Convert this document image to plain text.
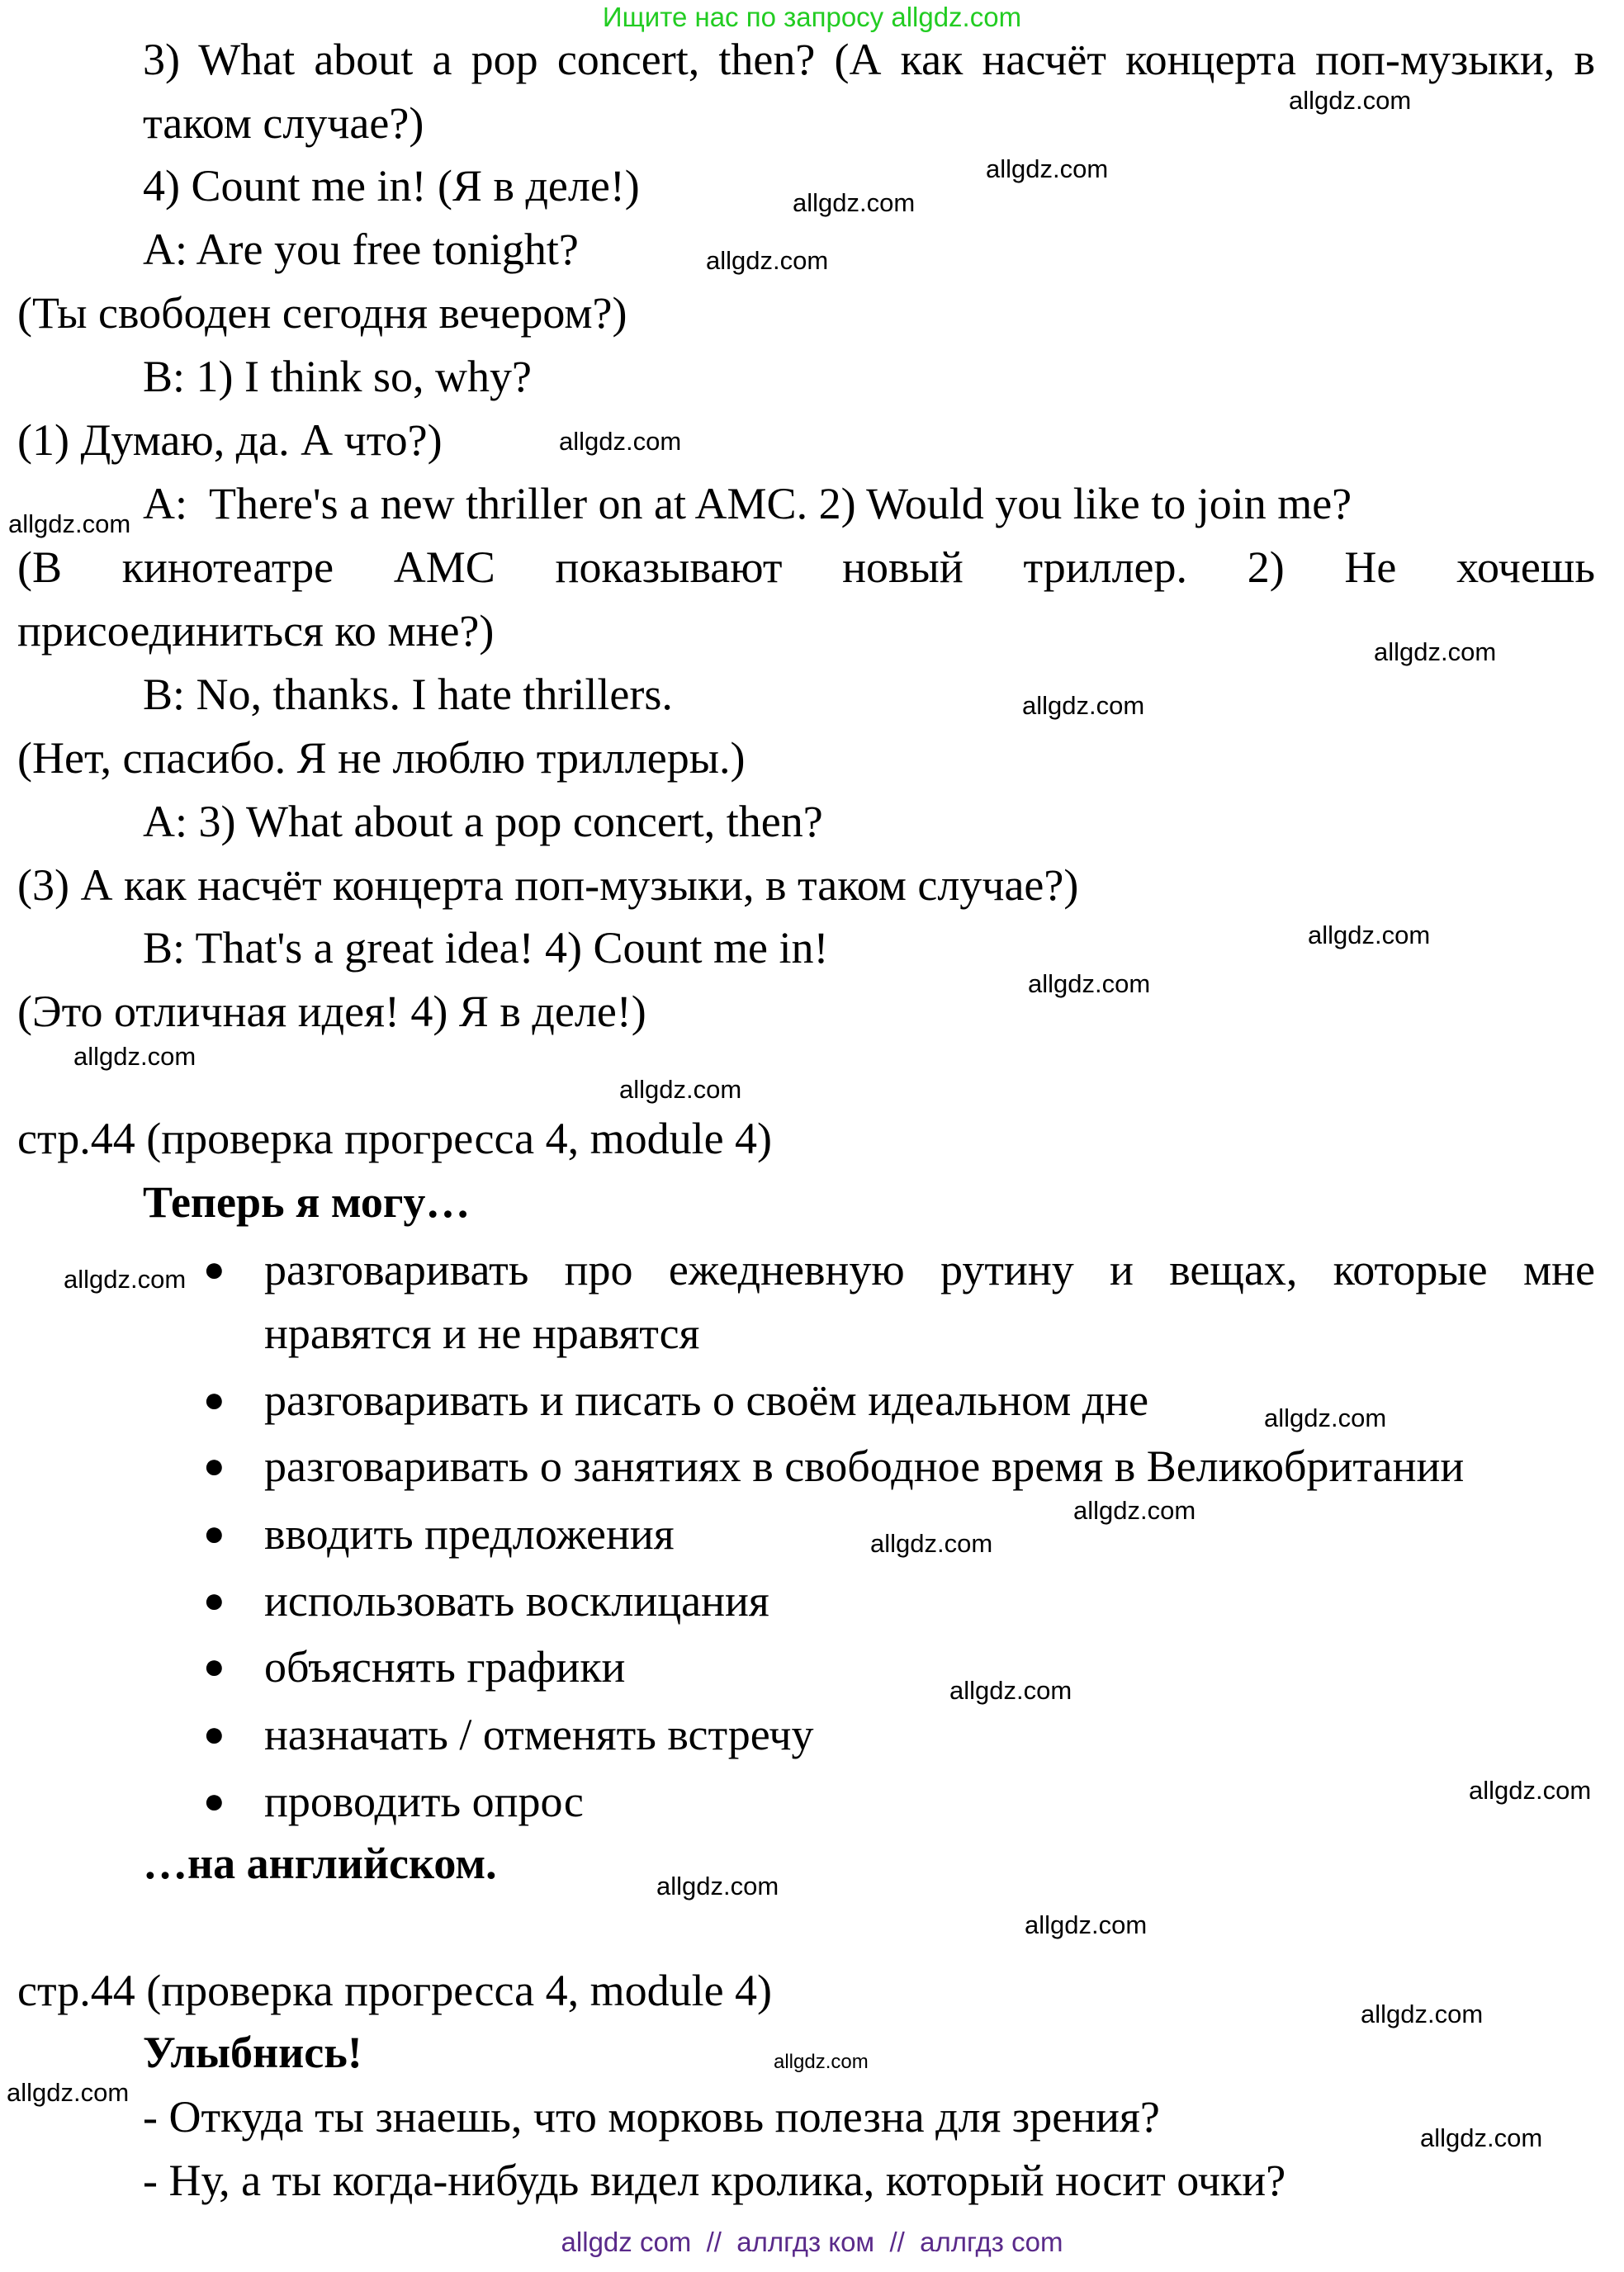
Ищите нас по запросу allgdz.com
3) What about a pop concert, then? (А как насчёт концерта поп-музыки, в
таком случае?)
4) Count me in! (Я в деле!)
A: Are you free tonight?
(Ты свободен сегодня вечером?)
B: 1) I think so, why?
(1) Думаю, да. А что?)
A:  There's a new thriller on at AMC. 2) Would you like to join me?
(В кинотеатре AMC показывают новый триллер. 2) Не хочешь
присоединиться ко мне?)
B: No, thanks. I hate thrillers.
(Нет, спасибо. Я не люблю триллеры.)
A: 3) What about a pop concert, then?
(3) А как насчёт концерта поп-музыки, в таком случае?)
B: That's a great idea! 4) Count me in!
(Это отличная идея! 4) Я в деле!)
стр.44 (проверка прогресса 4, module 4)
Теперь я могу…
● разговаривать про ежедневную рутину и вещах, которые мне
нравятся и не нравятся
● разговаривать и писать о своём идеальном дне
● разговаривать о занятиях в свободное время в Великобритании
● вводить предложения
● использовать восклицания
● объяснять графики
● назначать / отменять встречу
● проводить опрос
…на английском.
стр.44 (проверка прогресса 4, module 4)
Улыбнись!
- Откуда ты знаешь, что морковь полезна для зрения?
- Ну, а ты когда-нибудь видел кролика, который носит очки?
allgdz.com
allgdz.com
allgdz.com
allgdz.com
allgdz.com
allgdz.com
allgdz.com
allgdz.com
allgdz.com
allgdz.com
allgdz.com
allgdz.com
allgdz.com
allgdz.com
allgdz.com
allgdz.com
allgdz.com
allgdz.com
allgdz.com
allgdz.com
allgdz.com
allgdz.com
allgdz.com
allgdz.com
allgdz com  //  аллгдз ком  //  аллгдз com
